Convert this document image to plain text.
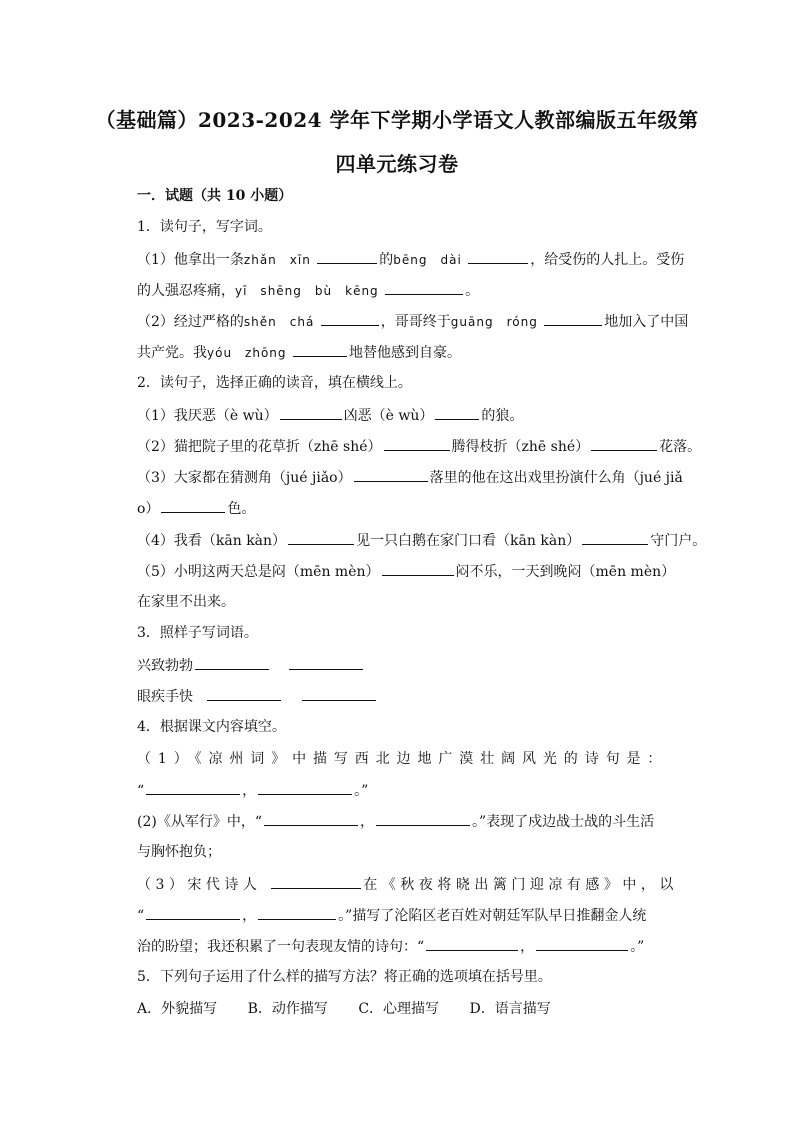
（基础篇）2023-2024 学年下学期小学语文人教部编版五年级第
四单元练习卷
一．试题（共 10 小题）
1．读句子，写字词。
（1）他拿出一条zhǎn　xīn	的bēng　dài	，给受伤的人扎上。受伤
的人强忍疼痛，yī　shēng　bù　kēng	。
（2）经过严格的shěn　chá	，哥哥终于guāng　róng	地加入了中国
共产党。我yóu　zhōng	地替他感到自豪。
2．读句子，选择正确的读音，填在横线上。
（1）我厌恶（è wù）	凶恶（è wù）	的狼。
（2）猫把院子里的花草折（zhē shé）	腾得枝折（zhē shé）	花落。
（3）大家都在猜测角（jué jiǎo）	落里的他在这出戏里扮演什么角（jué jiǎ
o）	色。
（4）我看（kān kàn）	见一只白鹅在家门口看（kān kàn）	守门户。
（5）小明这两天总是闷（mēn mèn）	闷不乐，一天到晚闷（mēn mèn）
在家里不出来。
3．照样子写词语。
兴致勃勃
眼疾手快
4．根据课文内容填空。
（1）《凉州词》中描写西北边地广漠壮阔风光的诗句是：
“	，	。”
(2)《从军行》中，“	，	。”表现了戍边战士战的斗生活
与胸怀抱负；
（3）宋代诗人	在《秋夜将晓出篱门迎凉有感》中，以
“	，	。”描写了沦陷区老百姓对朝廷军队早日推翻金人统
治的盼望；我还积累了一句表现友情的诗句：“	，	。”
5．下列句子运用了什么样的描写方法？将正确的选项填在括号里。
A．外貌描写 B．动作描写 C．心理描写 D．语言描写
